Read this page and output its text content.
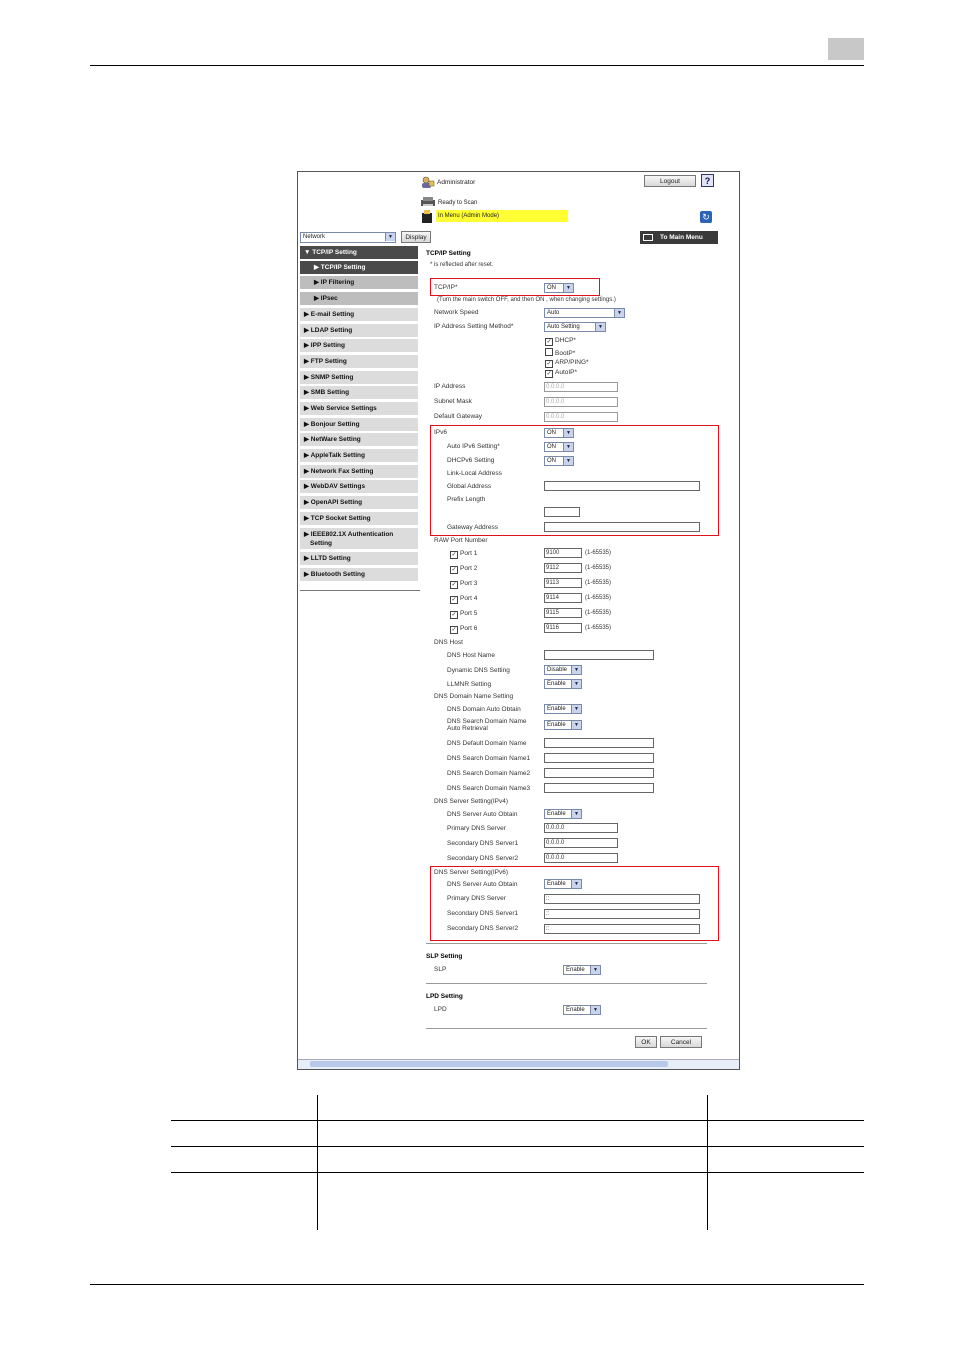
Administrator	Logout	?
Ready to Scan
In Menu (Admin Mode)	↻
Network	▼	Display	To Main Menu
▼ TCP/IP Setting
▶ TCP/IP Setting
▶ IP Filtering
▶ IPsec
▶ E-mail Setting
▶ LDAP Setting
▶ IPP Setting
▶ FTP Setting
▶ SNMP Setting
▶ SMB Setting
▶ Web Service Settings
▶ Bonjour Setting
▶ NetWare Setting
▶ AppleTalk Setting
▶ Network Fax Setting
▶ WebDAV Settings
▶ OpenAPI Setting
▶ TCP Socket Setting
▶ IEEE802.1X Authentication
Setting
▶ LLTD Setting
▶ Bluetooth Setting
TCP/IP Setting
* is reflected after reset.
TCP/IP*	ON	▼
(Turn the main switch OFF, and then ON , when changing settings.)
Network Speed	Auto	▼
IP Address Setting Method*	Auto Setting	▼
✓ DHCP*
BootP*
✓ ARP/PING*
✓ AutoIP*
IP Address	0.0.0.0
Subnet Mask	0.0.0.0
Default Gateway	0.0.0.0
IPv6	ON	▼
Auto IPv6 Setting*	ON	▼
DHCPv6 Setting	ON	▼
Link-Local Address
Global Address
Prefix Length
Gateway Address
RAW Port Number
✓ Port 1	9100	(1-65535)
✓ Port 2	9112	(1-65535)
✓ Port 3	9113	(1-65535)
✓ Port 4	9114	(1-65535)
✓ Port 5	9115	(1-65535)
✓ Port 6	9116	(1-65535)
DNS Host
DNS Host Name
Dynamic DNS Setting	Disable	▼
LLMNR Setting	Enable	▼
DNS Domain Name Setting
DNS Domain Auto Obtain	Enable	▼
DNS Search Domain Name
Auto Retrieval	Enable	▼
DNS Default Domain Name
DNS Search Domain Name1
DNS Search Domain Name2
DNS Search Domain Name3
DNS Server Setting(IPv4)
DNS Server Auto Obtain	Enable	▼
Primary DNS Server	0.0.0.0
Secondary DNS Server1	0.0.0.0
Secondary DNS Server2	0.0.0.0
DNS Server Setting(IPv6)
DNS Server Auto Obtain	Enable	▼
Primary DNS Server	::
Secondary DNS Server1	::
Secondary DNS Server2	::
SLP Setting
SLP	Enable	▼
LPD Setting
LPD	Enable	▼
OK	Cancel
